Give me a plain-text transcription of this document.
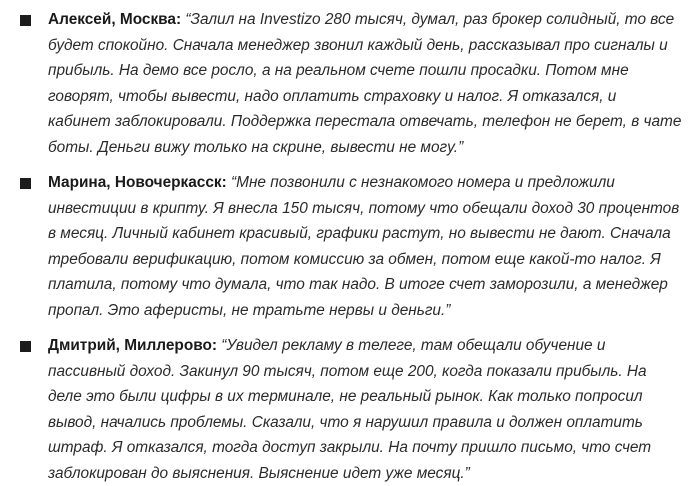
Алексей, Москва: “Залил на Investizo 280 тысяч, думал, раз брокер солидный, то все будет спокойно. Сначала менеджер звонил каждый день, рассказывал про сигналы и прибыль. На демо все росло, а на реальном счете пошли просадки. Потом мне говорят, чтобы вывести, надо оплатить страховку и налог. Я отказался, и кабинет заблокировали. Поддержка перестала отвечать, телефон не берет, в чате боты. Деньги вижу только на скрине, вывести не могу.”
Марина, Новочеркасск: “Мне позвонили с незнакомого номера и предложили инвестиции в крипту. Я внесла 150 тысяч, потому что обещали доход 30 процентов в месяц. Личный кабинет красивый, графики растут, но вывести не дают. Сначала требовали верификацию, потом комиссию за обмен, потом еще какой-то налог. Я платила, потому что думала, что так надо. В итоге счет заморозили, а менеджер пропал. Это аферисты, не тратьте нервы и деньги.”
Дмитрий, Миллерово: “Увидел рекламу в телеге, там обещали обучение и пассивный доход. Закинул 90 тысяч, потом еще 200, когда показали прибыль. На деле это были цифры в их терминале, не реальный рынок. Как только попросил вывод, начались проблемы. Сказали, что я нарушил правила и должен оплатить штраф. Я отказался, тогда доступ закрыли. На почту пришло письмо, что счет заблокирован до выяснения. Выяснение идет уже месяц.”
